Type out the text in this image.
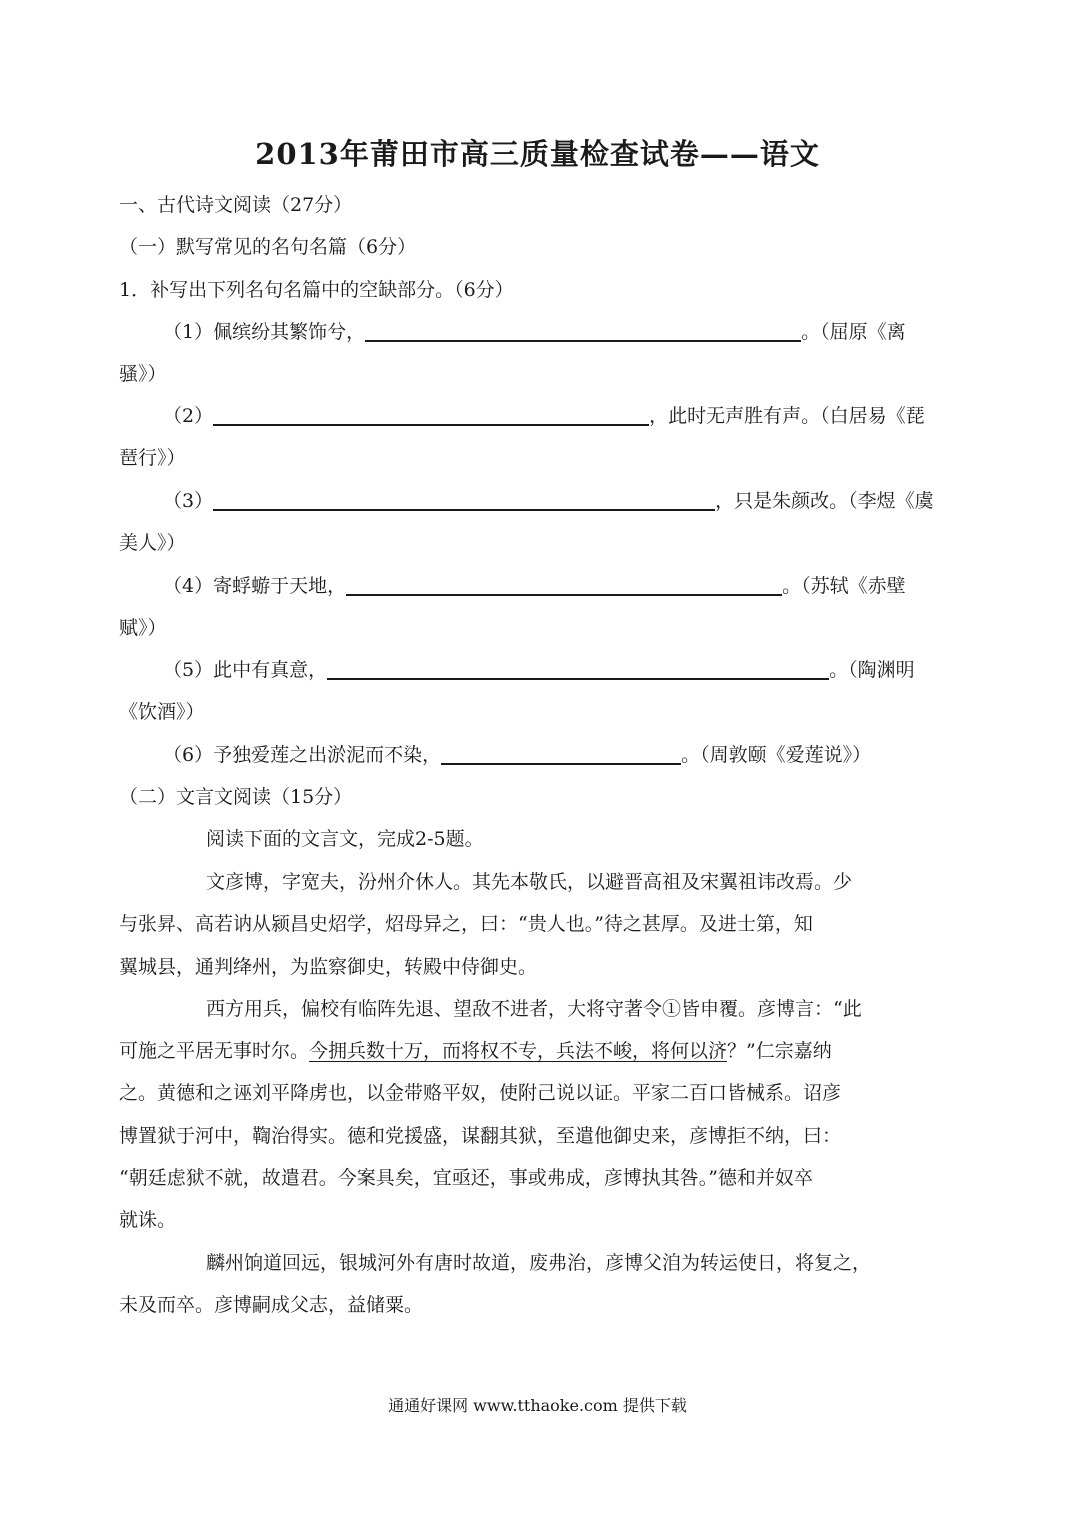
2013年莆田市高三质量检查试卷——语文
一、古代诗文阅读（27分）
（一）默写常见的名句名篇（6分）
1．补写出下列名句名篇中的空缺部分。（6分）
（1）佩缤纷其繁饰兮，	。（屈原《离
骚》）
（2）	，此时无声胜有声。（白居易《琵
琶行》）
（3）	，只是朱颜改。（李煜《虞
美人》）
（4）寄蜉蝣于天地，	。（苏轼《赤壁
赋》）
（5）此中有真意，	。（陶渊明
《饮酒》）
（6）予独爱莲之出淤泥而不染，	。（周敦颐《爱莲说》）
（二）文言文阅读（15分）
阅读下面的文言文，完成2-5题。
文彦博，字宽夫，汾州介休人。其先本敬氏，以避晋高祖及宋翼祖讳改焉。少
与张昇、高若讷从颍昌史炤学，炤母异之，曰：“贵人也。”待之甚厚。及进士第，知
翼城县，通判绛州，为监察御史，转殿中侍御史。
西方用兵，偏校有临阵先退、望敌不进者，大将守著令①皆申覆。彦博言：“此
可施之平居无事时尔。今拥兵数十万，而将权不专，兵法不峻，将何以济？”仁宗嘉纳
之。黄德和之诬刘平降虏也，以金带赂平奴，使附己说以证。平家二百口皆械系。诏彦
博置狱于河中，鞫治得实。德和党援盛，谋翻其狱，至遣他御史来，彦博拒不纳，曰：
“朝廷虑狱不就，故遣君。今案具矣，宜亟还，事或弗成，彦博执其咎。”德和并奴卒
就诛。
麟州饷道回远，银城河外有唐时故道，废弗治，彦博父洎为转运使日，将复之，
未及而卒。彦博嗣成父志，益储粟。
通通好课网 www.tthaoke.com 提供下载
